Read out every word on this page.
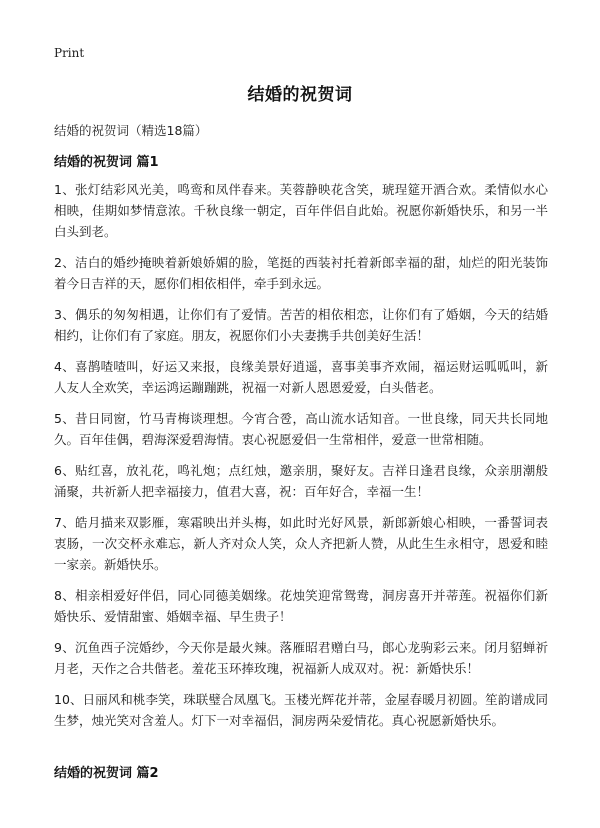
Print
结婚的祝贺词
结婚的祝贺词（精选18篇）
结婚的祝贺词 篇1

1、张灯结彩风光美，鸣鸾和凤伴春来。芙蓉静映花含笑，琥珵筵开酒合欢。柔情似水心相映，佳期如梦情意浓。千秋良缘一朝定，百年伴侣自此始。祝愿你新婚快乐，和另一半白头到老。

2、洁白的婚纱掩映着新娘娇媚的脸，笔挺的西装衬托着新郎幸福的甜，灿烂的阳光装饰着今日吉祥的天，愿你们相依相伴，牵手到永远。

3、偶乐的匆匆相遇，让你们有了爱情。苦苦的相依相恋，让你们有了婚姻，今天的结婚相约，让你们有了家庭。朋友，祝愿你们小夫妻携手共创美好生活！

4、喜鹊喳喳叫，好运又来报，良缘美景好逍遥，喜事美事齐欢闹，福运财运呱呱叫，新人友人全欢笑，幸运鸿运蹦蹦跳，祝福一对新人恩恩爱爱，白头偕老。

5、昔日同窗，竹马青梅谈理想。今宵合卺，高山流水话知音。一世良缘，同天共长同地久。百年佳偶，碧海深爱碧海情。衷心祝愿爱侣一生常相伴，爱意一世常相随。

6、贴红喜，放礼花，鸣礼炮；点红烛，邀亲朋，聚好友。吉祥日逢君良缘，众亲朋潮般涌聚，共祈新人把幸福接力，值君大喜，祝：百年好合，幸福一生！

7、皓月描来双影雁，寒霜映出并头梅，如此时光好风景，新郎新娘心相映，一番誓词表衷肠，一次交杯永难忘，新人齐对众人笑，众人齐把新人赞，从此生生永相守，恩爱和睦一家亲。新婚快乐。

8、相亲相爱好伴侣，同心同德美姻缘。花烛笑迎常鸳鸯，洞房喜开并蒂莲。祝福你们新婚快乐、爱情甜蜜、婚姻幸福、早生贵子！

9、沉鱼西子浣婚纱，今天你是最火辣。落雁昭君赠白马，郎心龙驹彩云来。闭月貂蝉祈月老，天作之合共偕老。羞花玉环捧玫瑰，祝福新人成双对。祝：新婚快乐！

10、日丽风和桃李笑，珠联璧合凤凰飞。玉楼光辉花并蒂，金屋春暖月初圆。笙韵谱成同生梦，烛光笑对含羞人。灯下一对幸福侣，洞房两朵爱情花。真心祝愿新婚快乐。

结婚的祝贺词 篇2
